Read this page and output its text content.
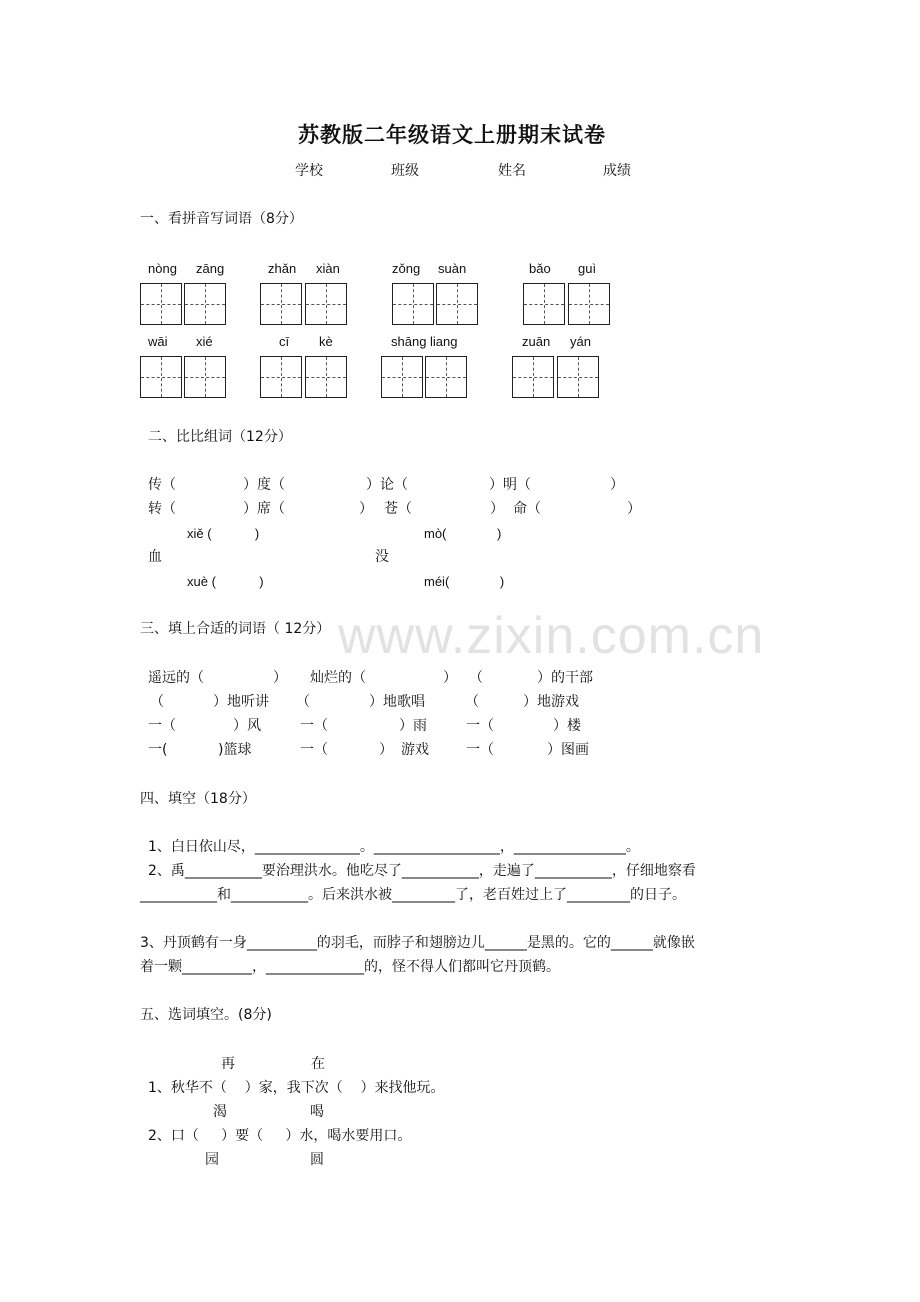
www.zixin.com.cn
苏教版二年级语文上册期末试卷
学校	班级	姓名	成绩
一、看拼音写词语（8分）
nònɡ zānɡ	zhǎn xiàn	zǒnɡ suàn	bǎo ɡuì
wāi xié	cī kè	shānɡ liang	zuān yán
二、比比组词（12分）
传（	）度（	）论（	）明（	）
转（	）席（	） 苍（	） 命（	）
xiě (            )	mò(              )
血	没
xuè (            )	méi(              )
三、填上合适的词语（ 12分）
遥远的（	） 灿烂的（	） （	）的干部
（	）地听讲 （	）地歌唱	（	）地游戏
一（	）风	一（	）雨	一（	）楼
一(	)篮球	一（	） 游戏	一（	）图画
四、填空（18分）
1、白日依山尽，_______________。__________________，________________。
2、禹___________要治理洪水。他吃尽了___________，走遍了___________，仔细地察看
___________和___________。后来洪水被_________了，老百姓过上了_________的日子。
3、丹顶鹤有一身__________的羽毛，而脖子和翅膀边儿______是黑的。它的______就像嵌
着一颗__________，______________的，怪不得人们都叫它丹顶鹤。
五、选词填空。(8分)
再	在
1、秋华不（    ）家，我下次（    ）来找他玩。
渴	喝
2、口（     ）要（     ）水，喝水要用口。
园	圆
